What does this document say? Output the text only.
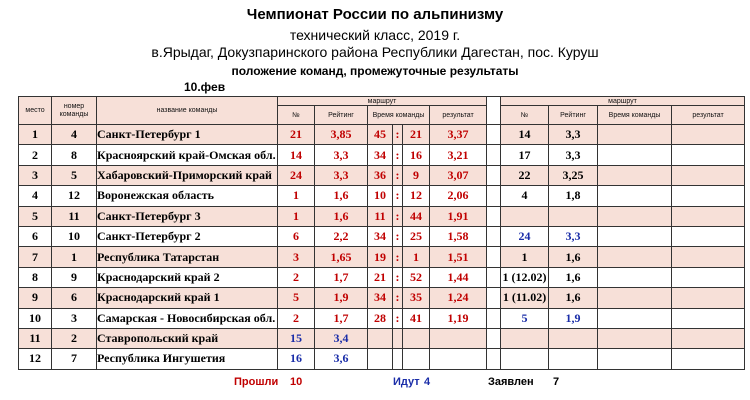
Чемпионат России по альпинизму
технический класс, 2019 г.
в.Ярыдаг, Докузпаринского района Республики Дагестан, пос. Куруш
положение команд, промежуточные результаты
10.фев
место	номер команды	название команды	маршрут							маршрут			
			№	Рейтинг	Время команды			результат		№	Рейтинг	Время команды	результат
1	4	Санкт-Петербург 1	21	3,85	45	:	21	3,37		14	3,3		
2	8	Красноярский край-Омская обл.	14	3,3	34	:	16	3,21		17	3,3		
3	5	Хабаровский-Приморский край	24	3,3	36	:	9	3,07		22	3,25		
4	12	Воронежская область	1	1,6	10	:	12	2,06		4	1,8		
5	11	Санкт-Петербург 3	1	1,6	11	:	44	1,91					
6	10	Санкт-Петербург 2	6	2,2	34	:	25	1,58		24	3,3		
7	1	Республика Татарстан	3	1,65	19	:	1	1,51		1	1,6		
8	9	Краснодарский край 2	2	1,7	21	:	52	1,44		1 (12.02)	1,6		
9	6	Краснодарский край 1	5	1,9	34	:	35	1,24		1 (11.02)	1,6		
10	3	Самарская - Новосибирская обл.	2	1,7	28	:	41	1,19		5	1,9		
11	2	Ставропольский край	15	3,4									
12	7	Республика Ингушетия	16	3,6									
Прошли 10	Идут 4	Заявлен 7
